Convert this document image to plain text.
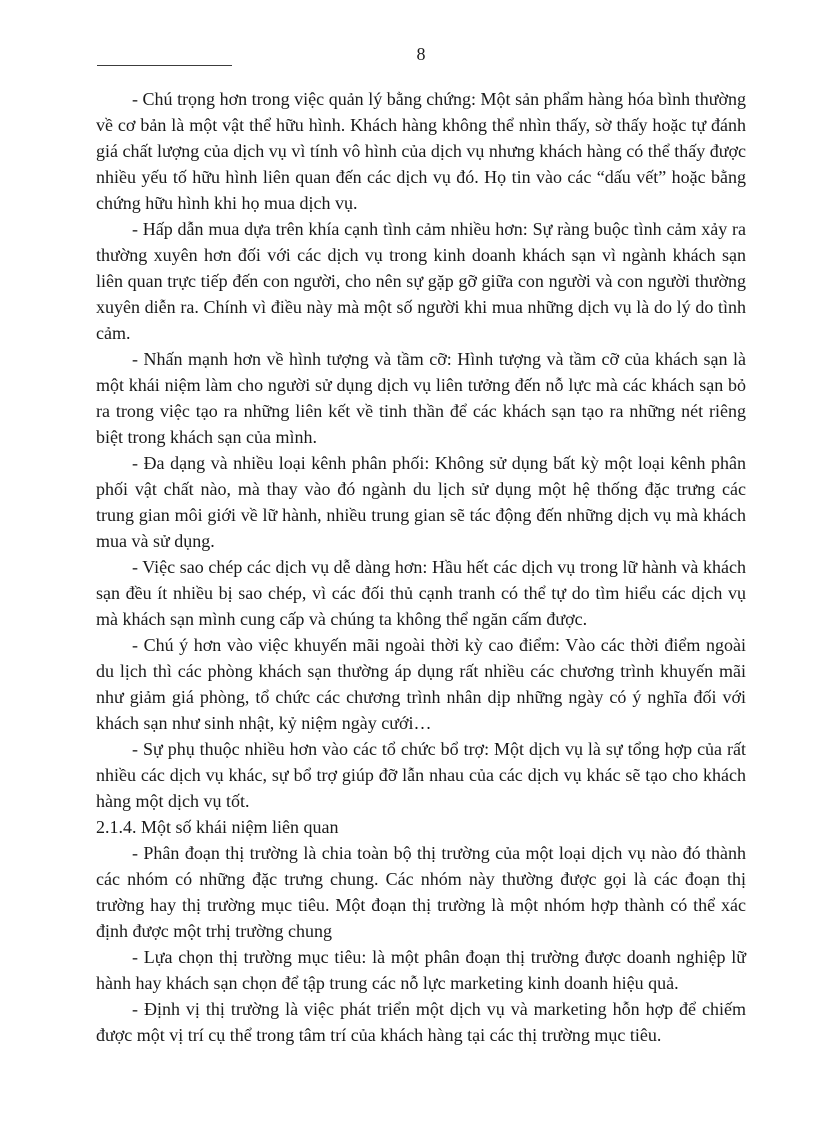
8

- Chú trọng hơn trong việc quản lý bằng chứng: Một sản phẩm hàng hóa bình thường về cơ bản là một vật thể hữu hình. Khách hàng không thể nhìn thấy, sờ thấy hoặc tự đánh giá chất lượng của dịch vụ vì tính vô hình của dịch vụ nhưng khách hàng có thể thấy được nhiều yếu tố hữu hình liên quan đến các dịch vụ đó. Họ tin vào các “dấu vết” hoặc bằng chứng hữu hình khi họ mua dịch vụ.

- Hấp dẫn mua dựa trên khía cạnh tình cảm nhiều hơn: Sự ràng buộc tình cảm xảy ra thường xuyên hơn đối với các dịch vụ trong kinh doanh khách sạn vì ngành khách sạn liên quan trực tiếp đến con người, cho nên sự gặp gỡ giữa con người và con người thường xuyên diễn ra. Chính vì điều này mà một số người khi mua những dịch vụ là do lý do tình cảm.

- Nhấn mạnh hơn về hình tượng và tầm cỡ: Hình tượng và tầm cỡ của khách sạn là một khái niệm làm cho người sử dụng dịch vụ liên tưởng đến nỗ lực mà các khách sạn bỏ ra trong việc tạo ra những liên kết về tinh thần để các khách sạn tạo ra những nét riêng biệt trong khách sạn của mình.

- Đa dạng và nhiều loại kênh phân phối: Không sử dụng bất kỳ một loại kênh phân phối vật chất nào, mà thay vào đó ngành du lịch sử dụng một hệ thống đặc trưng các trung gian môi giới về lữ hành, nhiều trung gian sẽ tác động đến những dịch vụ mà khách mua và sử dụng.

- Việc sao chép các dịch vụ dễ dàng hơn: Hầu hết các dịch vụ trong lữ hành và khách sạn đều ít nhiều bị sao chép, vì các đối thủ cạnh tranh có thể tự do tìm hiểu các dịch vụ mà khách sạn mình cung cấp và chúng ta không thể ngăn cấm được.

- Chú ý hơn vào việc khuyến mãi ngoài thời kỳ cao điểm: Vào các thời điểm ngoài du lịch thì các phòng khách sạn thường áp dụng rất nhiều các chương trình khuyến mãi như giảm giá phòng, tổ chức các chương trình nhân dịp những ngày có ý nghĩa đối với khách sạn như sinh nhật, kỷ niệm ngày cưới…

- Sự phụ thuộc nhiều hơn vào các tổ chức bổ trợ: Một dịch vụ là sự tổng hợp của rất nhiều các dịch vụ khác, sự bổ trợ giúp đỡ lẫn nhau của các dịch vụ khác sẽ tạo cho khách hàng một dịch vụ tốt.

2.1.4. Một số khái niệm liên quan

- Phân đoạn thị trường là chia toàn bộ thị trường của một loại dịch vụ nào đó thành các nhóm có những đặc trưng chung. Các nhóm này thường được gọi là các đoạn thị trường hay thị trường mục tiêu. Một đoạn thị trường là một nhóm hợp thành có thể xác định được một trhị trường chung

- Lựa chọn thị trường mục tiêu: là một phân đoạn thị trường được doanh nghiệp lữ hành hay khách sạn chọn để tập trung các nỗ lực marketing kinh doanh hiệu quả.

- Định vị thị trường là việc phát triển một dịch vụ và marketing hỗn hợp để chiếm được một vị trí cụ thể trong tâm trí của khách hàng tại các thị trường mục tiêu.
